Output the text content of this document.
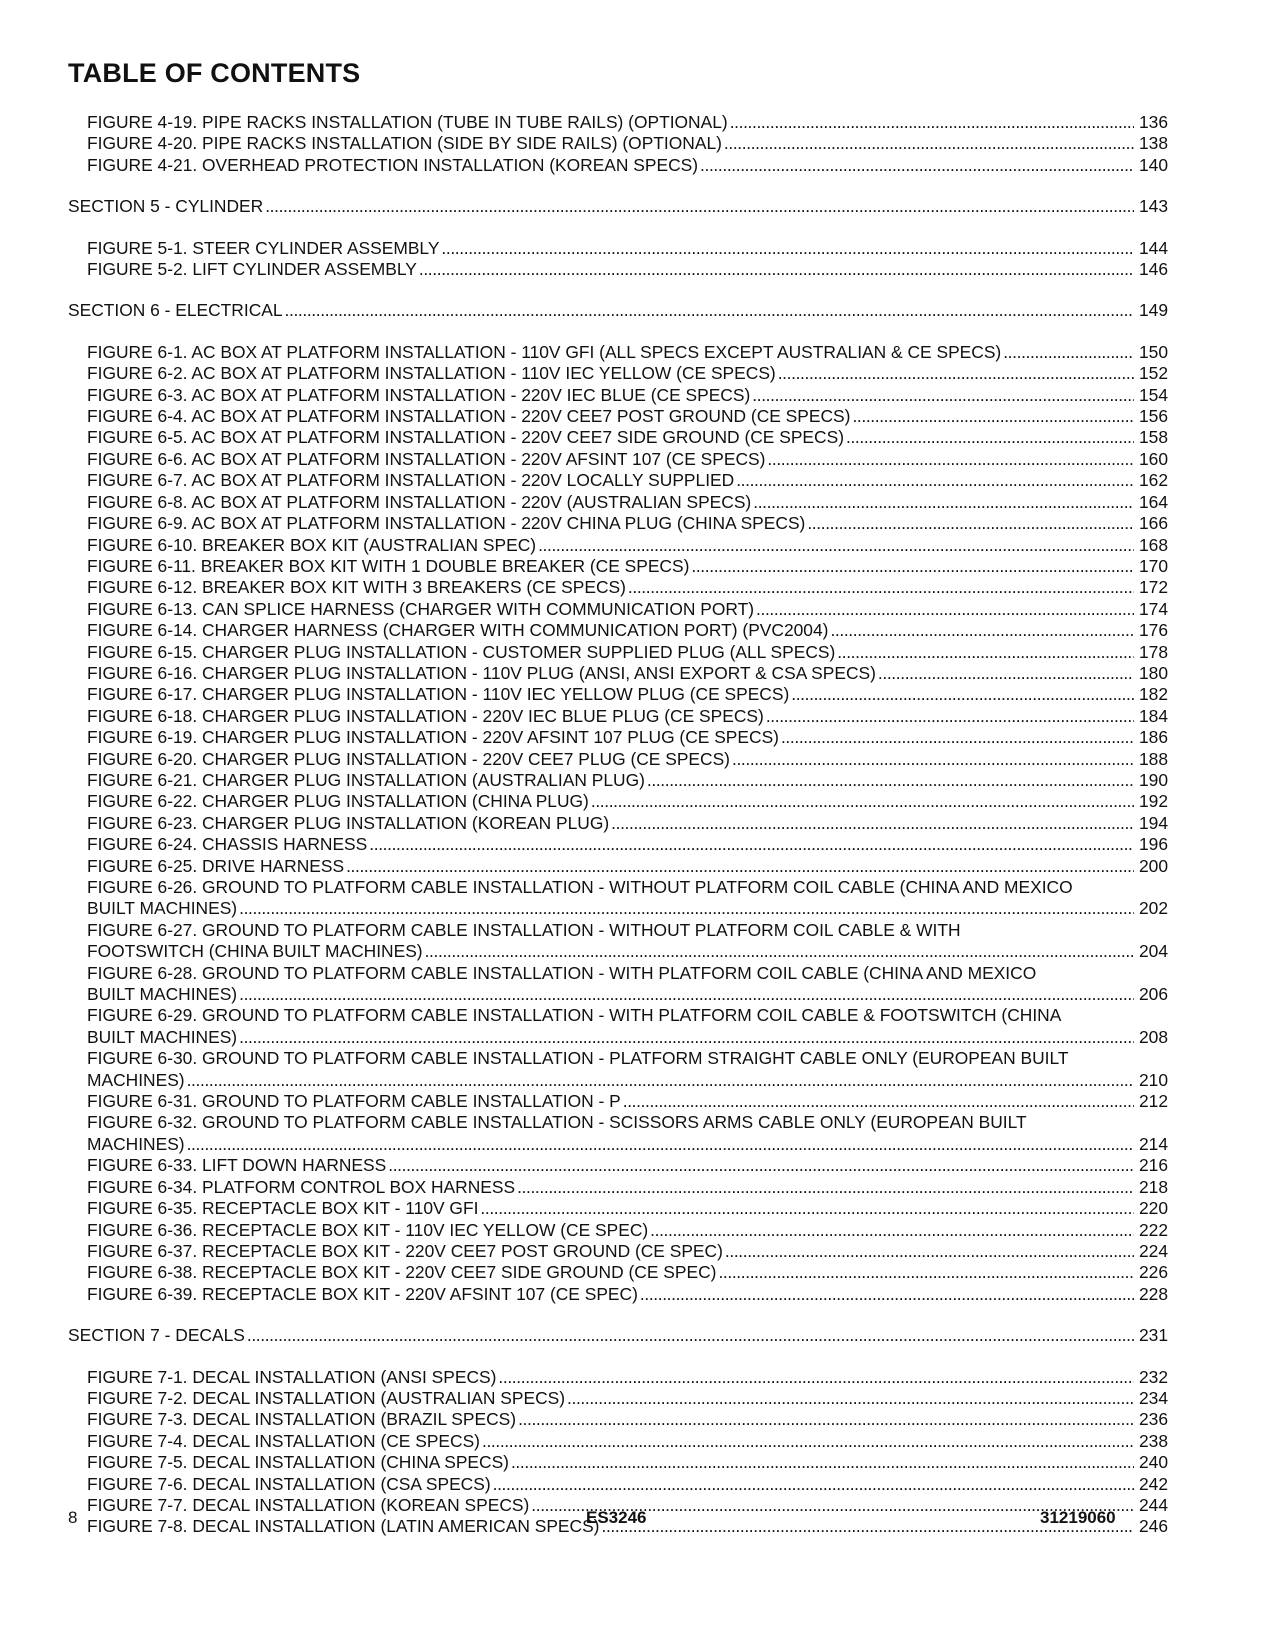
TABLE OF CONTENTS
FIGURE 4-19. PIPE RACKS INSTALLATION (TUBE IN TUBE RAILS) (OPTIONAL) . . .	136
FIGURE 4-20. PIPE RACKS INSTALLATION (SIDE BY SIDE RAILS) (OPTIONAL) . . .	138
FIGURE 4-21. OVERHEAD PROTECTION INSTALLATION (KOREAN SPECS) . . .	140
SECTION 5 - CYLINDER . . .	143
FIGURE 5-1. STEER CYLINDER ASSEMBLY . . .	144
FIGURE 5-2. LIFT CYLINDER ASSEMBLY . . .	146
SECTION 6 - ELECTRICAL . . .	149
FIGURE 6-1. AC BOX AT PLATFORM INSTALLATION - 110V GFI (ALL SPECS EXCEPT AUSTRALIAN & CE SPECS) . . .	150
FIGURE 6-2. AC BOX AT PLATFORM INSTALLATION - 110V IEC YELLOW (CE SPECS) . . .	152
FIGURE 6-3. AC BOX AT PLATFORM INSTALLATION - 220V IEC BLUE (CE SPECS) . . .	154
FIGURE 6-4. AC BOX AT PLATFORM INSTALLATION - 220V CEE7 POST GROUND (CE SPECS) . . .	156
FIGURE 6-5. AC BOX AT PLATFORM INSTALLATION - 220V CEE7 SIDE GROUND (CE SPECS) . . .	158
FIGURE 6-6. AC BOX AT PLATFORM INSTALLATION - 220V AFSINT 107 (CE SPECS) . . .	160
FIGURE 6-7. AC BOX AT PLATFORM INSTALLATION - 220V LOCALLY SUPPLIED . . .	162
FIGURE 6-8. AC BOX AT PLATFORM INSTALLATION - 220V (AUSTRALIAN SPECS) . . .	164
FIGURE 6-9. AC BOX AT PLATFORM INSTALLATION - 220V CHINA PLUG (CHINA SPECS) . . .	166
FIGURE 6-10. BREAKER BOX KIT (AUSTRALIAN SPEC) . . .	168
FIGURE 6-11. BREAKER BOX KIT WITH 1 DOUBLE BREAKER (CE SPECS) . . .	170
FIGURE 6-12. BREAKER BOX KIT WITH 3 BREAKERS (CE SPECS) . . .	172
FIGURE 6-13. CAN SPLICE HARNESS (CHARGER WITH COMMUNICATION PORT) . . .	174
FIGURE 6-14. CHARGER HARNESS (CHARGER WITH COMMUNICATION PORT) (PVC2004) . . .	176
FIGURE 6-15. CHARGER PLUG INSTALLATION - CUSTOMER SUPPLIED PLUG (ALL SPECS) . . .	178
FIGURE 6-16. CHARGER PLUG INSTALLATION - 110V PLUG (ANSI, ANSI EXPORT & CSA SPECS) . . .	180
FIGURE 6-17. CHARGER PLUG INSTALLATION - 110V IEC YELLOW PLUG (CE SPECS) . . .	182
FIGURE 6-18. CHARGER PLUG INSTALLATION - 220V IEC BLUE PLUG (CE SPECS) . . .	184
FIGURE 6-19. CHARGER PLUG INSTALLATION - 220V AFSINT 107 PLUG (CE SPECS) . . .	186
FIGURE 6-20. CHARGER PLUG INSTALLATION - 220V CEE7 PLUG (CE SPECS) . . .	188
FIGURE 6-21. CHARGER PLUG INSTALLATION (AUSTRALIAN PLUG) . . .	190
FIGURE 6-22. CHARGER PLUG INSTALLATION (CHINA PLUG) . . .	192
FIGURE 6-23. CHARGER PLUG INSTALLATION (KOREAN PLUG) . . .	194
FIGURE 6-24. CHASSIS HARNESS . . .	196
FIGURE 6-25. DRIVE HARNESS . . .	200
FIGURE 6-26. GROUND TO PLATFORM CABLE INSTALLATION - WITHOUT PLATFORM COIL CABLE (CHINA AND MEXICO
BUILT MACHINES) . . .	202
FIGURE 6-27. GROUND TO PLATFORM CABLE INSTALLATION - WITHOUT PLATFORM COIL CABLE & WITH
FOOTSWITCH (CHINA BUILT MACHINES) . . .	204
FIGURE 6-28. GROUND TO PLATFORM CABLE INSTALLATION - WITH PLATFORM COIL CABLE (CHINA AND MEXICO
BUILT MACHINES) . . .	206
FIGURE 6-29. GROUND TO PLATFORM CABLE INSTALLATION - WITH PLATFORM COIL CABLE & FOOTSWITCH (CHINA
BUILT MACHINES) . . .	208
FIGURE 6-30. GROUND TO PLATFORM CABLE INSTALLATION - PLATFORM STRAIGHT CABLE ONLY (EUROPEAN BUILT
MACHINES) . . .	210
FIGURE 6-31. GROUND TO PLATFORM CABLE INSTALLATION - P . . .	212
FIGURE 6-32. GROUND TO PLATFORM CABLE INSTALLATION - SCISSORS ARMS CABLE ONLY (EUROPEAN BUILT
MACHINES) . . .	214
FIGURE 6-33. LIFT DOWN HARNESS . . .	216
FIGURE 6-34. PLATFORM CONTROL BOX HARNESS . . .	218
FIGURE 6-35. RECEPTACLE BOX KIT - 110V GFI . . .	220
FIGURE 6-36. RECEPTACLE BOX KIT - 110V IEC YELLOW (CE SPEC) . . .	222
FIGURE 6-37. RECEPTACLE BOX KIT - 220V CEE7 POST GROUND (CE SPEC) . . .	224
FIGURE 6-38. RECEPTACLE BOX KIT - 220V CEE7 SIDE GROUND (CE SPEC) . . .	226
FIGURE 6-39. RECEPTACLE BOX KIT - 220V AFSINT 107 (CE SPEC) . . .	228
SECTION 7 - DECALS . . .	231
FIGURE 7-1. DECAL INSTALLATION (ANSI SPECS) . . .	232
FIGURE 7-2. DECAL INSTALLATION (AUSTRALIAN SPECS) . . .	234
FIGURE 7-3. DECAL INSTALLATION (BRAZIL SPECS) . . .	236
FIGURE 7-4. DECAL INSTALLATION (CE SPECS) . . .	238
FIGURE 7-5. DECAL INSTALLATION (CHINA SPECS) . . .	240
FIGURE 7-6. DECAL INSTALLATION (CSA SPECS) . . .	242
FIGURE 7-7. DECAL INSTALLATION (KOREAN SPECS) . . .	244
FIGURE 7-8. DECAL INSTALLATION (LATIN AMERICAN SPECS) . . .	246
8	ES3246	31219060
